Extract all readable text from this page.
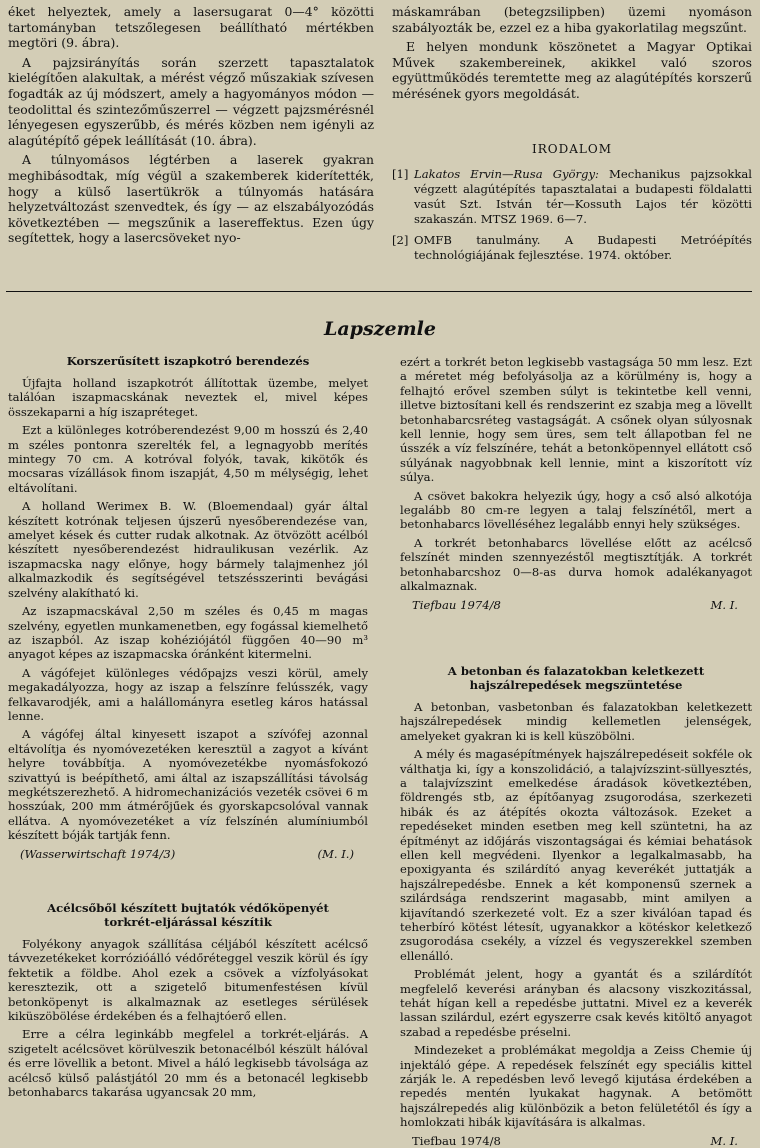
éket helyeztek, amely a lasersugarat 0—4° közötti tartományban tetszőlegesen beállítható mértékben megtöri (9. ábra).

A pajzsirányítás során szerzett tapasztalatok kielégítően alakultak, a mérést végző műszakiak szívesen fogadták az új módszert, amely a hagyományos módon — teodolittal és szintezőműszerrel — végzett pajzsmérésnél lényegesen egyszerűbb, és mérés közben nem igényli az alagútépítő gépek leállítását (10. ábra).

A túlnyomásos légtérben a laserek gyakran meghibásodtak, míg végül a szakemberek kiderítették, hogy a külső lasertükrök a túlnyomás hatására helyzetváltozást szenvedtek, és így — az elszabályozódás következtében — megszűnik a lasereffektus. Ezen úgy segítettek, hogy a lasercsöveket nyo-

máskamrában (betegzsilipben) üzemi nyomáson szabályozták be, ezzel ez a hiba gyakorlatilag megszűnt.

E helyen mondunk köszönetet a Magyar Optikai Művek szakembereinek, akikkel való szoros együttműködés teremtette meg az alagútépítés korszerű mérésének gyors megoldását.

IRODALOM
[1] Lakatos Ervin—Rusa György: Mechanikus pajzsokkal végzett alagútépítés tapasztalatai a budapesti földalatti vasút Szt. István tér—Kossuth Lajos tér közötti szakaszán. MTSZ 1969. 6—7.
[2] OMFB tanulmány. A Budapesti Metróépítés technológiájának fejlesztése. 1974. október.
Lapszemle
Korszerűsített iszapkotró berendezés

Újfajta holland iszapkotrót állítottak üzembe, melyet találóan iszapmacskának neveztek el, mivel képes összekaparni a híg iszapréteget.

Ezt a különleges kotróberendezést 9,00 m hosszú és 2,40 m széles pontonra szerelték fel, a legnagyobb merítés mintegy 70 cm. A kotróval folyók, tavak, kikötők és mocsaras vízállások finom iszapját, 4,50 m mélységig, lehet eltávolítani.

A holland Werimex B. W. (Bloemendaal) gyár által készített kotrónak teljesen újszerű nyesőberendezése van, amelyet kések és cutter rudak alkotnak. Az ötvözött acélból készített nyesőberendezést hidraulikusan vezérlik. Az iszapmacska nagy előnye, hogy bármely talajmenhez jól alkalmazkodik és segítségével tetszésszerinti bevágási szelvény alakítható ki.

Az iszapmacskával 2,50 m széles és 0,45 m magas szelvény, egyetlen munkamenetben, egy fogással kiemelhető az iszapból. Az iszap kohéziójától függően 40—90 m³ anyagot képes az iszapmacska óránként kitermelni.

A vágófejet különleges védőpajzs veszi körül, amely megakadályozza, hogy az iszap a felszínre felússzék, vagy felkavarodjék, ami a halállományra esetleg káros hatással lenne.

A vágófej által kinyesett iszapot a szívófej azonnal eltávolítja és nyomóvezetéken keresztül a zagyot a kívánt helyre továbbítja. A nyomóvezetékbe nyomásfokozó szivattyú is beépíthető, ami által az iszapszállítási távolság megkétszerezhető. A hidromechanizációs vezeték csövei 6 m hosszúak, 200 mm átmérőjűek és gyorskapcsolóval vannak ellátva. A nyomóvezetéket a víz felszínén alumíniumból készített bóják tartják fenn.

(Wasserwirtschaft 1974/3)	(M. I.)
Acélcsőből készített bujtatók védőköpenyét
torkrét-eljárással készítik

Folyékony anyagok szállítása céljából készített acélcső távvezetékeket korrózióálló védőréteggel veszik körül és így fektetik a földbe. Ahol ezek a csövek a vízfolyásokat keresztezik, ott a szigetelő bitumenfestésen kívül betonköpenyt is alkalmaznak az esetleges sérülések kiküszöbölése érdekében és a felhajtóerő ellen.

Erre a célra leginkább megfelel a torkrét-eljárás. A szigetelt acélcsövet körülveszik betonacélból készült hálóval és erre lövellik a betont. Mivel a háló legkisebb távolsága az acélcső külső palástjától 20 mm és a betonacél legkisebb betonhabarcs takarása ugyancsak 20 mm,

ezért a torkrét beton legkisebb vastagsága 50 mm lesz. Ezt a méretet még befolyásolja az a körülmény is, hogy a felhajtó erővel szemben súlyt is tekintetbe kell venni, illetve biztosítani kell és rendszerint ez szabja meg a lövellt betonhabarcsréteg vastagságát. A csőnek olyan súlyosnak kell lennie, hogy sem üres, sem telt állapotban fel ne ússzék a víz felszínére, tehát a betonköpennyel ellátott cső súlyának nagyobbnak kell lennie, mint a kiszorított víz súlya.

A csövet bakokra helyezik úgy, hogy a cső alsó alkotója legalább 80 cm-re legyen a talaj felszínétől, mert a betonhabarcs lövelléséhez legalább ennyi hely szükséges.

A torkrét betonhabarcs lövellése előtt az acélcső felszínét minden szennyezéstől megtisztítják. A torkrét betonhabarcshoz 0—8-as durva homok adalékanyagot alkalmaznak.

Tiefbau 1974/8	M. I.
A betonban és falazatokban keletkezett
hajszálrepedések megszüntetése

A betonban, vasbetonban és falazatokban keletkezett hajszálrepedések mindig kellemetlen jelenségek, amelyeket gyakran ki is kell küszöbölni.

A mély és magasépítmények hajszálrepedéseit sokféle ok válthatja ki, így a konszolidáció, a talajvízszint-süllyesztés, a talajvízszint emelkedése áradások következtében, földrengés stb, az építőanyag zsugorodása, szerkezeti hibák és az átépítés okozta változások. Ezeket a repedéseket minden esetben meg kell szüntetni, ha az építményt az időjárás viszontagságai és kémiai behatások ellen kell megvédeni. Ilyenkor a legalkalmasabb, ha epoxigyanta és szilárdító anyag keverékét juttatják a hajszálrepedésbe. Ennek a két komponensű szernek a szilárdsága rendszerint magasabb, mint amilyen a kijavítandó szerkezeté volt. Ez a szer kiválóan tapad és teherbíró kötést létesít, ugyanakkor a kötéskor keletkező zsugorodása csekély, a vízzel és vegyszerekkel szemben ellenálló.

Problémát jelent, hogy a gyantát és a szilárdítót megfelelő keverési arányban és alacsony viszkozitással, tehát hígan kell a repedésbe juttatni. Mivel ez a keverék lassan szilárdul, ezért egyszerre csak kevés kitöltő anyagot szabad a repedésbe préselni.

Mindezeket a problémákat megoldja a Zeiss Chemie új injektáló gépe. A repedések felszínét egy speciális kittel zárják le. A repedésben levő levegő kijutása érdekében a repedés mentén lyukakat hagynak. A betömött hajszálrepedés alig különbözik a beton felületétől és így a homlokzati hibák kijavítására is alkalmas.

Tiefbau 1974/8	M. I.
